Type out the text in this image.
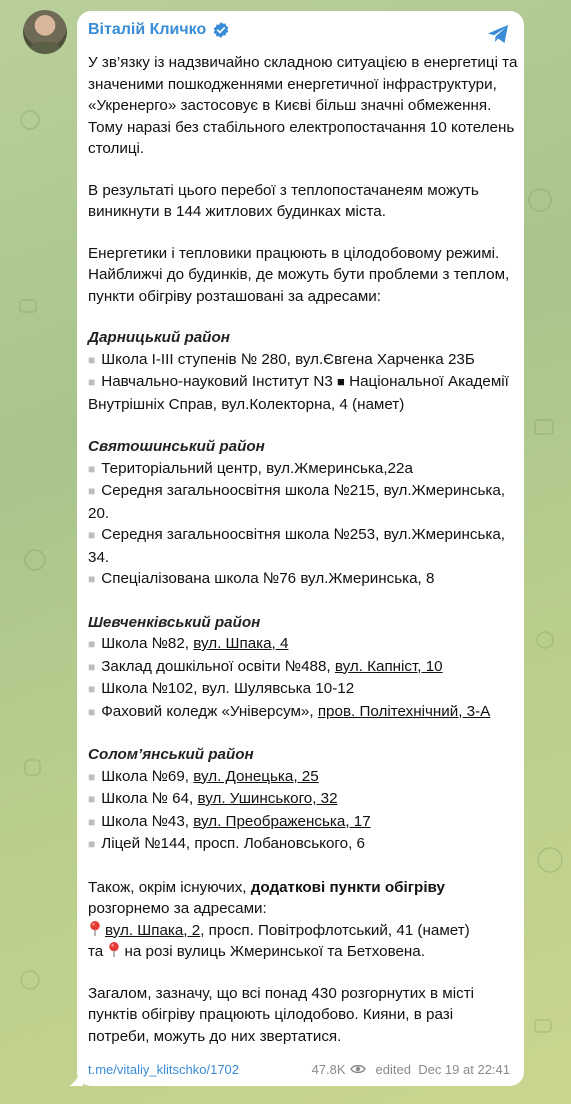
Віталій Кличко

У зв’язку із надзвичайно складною ситуацією в енергетиці та значеними пошкодженнями енергетичної інфраструктури, «Укренерго» застосовує в Києві більш значні обмеження. Тому наразі без стабільного електропостачання 10 котелень столиці.

В результаті цього перебої з теплопостачанеям можуть виникнути в 144 житлових будинках міста.

Енергетики і тепловики працюють в цілодобовому режимі. Найближчі до будинків, де можуть бути проблеми з теплом, пункти обігріву розташовані за адресами:

Дарницький район
■ Школа І-ІІІ ступенів № 280, вул.Євгена Харченка 23Б
■ Навчально-науковий Інститут N3 ■ Національної Академії Внутрішніх Справ, вул.Колекторна, 4 (намет)
Святошинський район
■ Територіальний центр, вул.Жмеринська,22а
■ Середня загальноосвітня школа №215, вул.Жмеринська, 20.
■ Середня загальноосвітня школа №253, вул.Жмеринська, 34.
■ Спеціалізована школа №76 вул.Жмеринська, 8
Шевченківський район
■ Школа №82, вул. Шпака, 4
■ Заклад дошкільної освіти №488, вул. Капніст, 10
■ Школа №102, вул. Шулявська 10-12
■ Фаховий коледж «Універсум», пров. Політехнічний, 3-А
Солом’янський район
■ Школа №69, вул. Донецька, 25
■ Школа № 64, вул. Ушинського, 32
■ Школа №43, вул. Преображенська, 17
■ Ліцей №144, просп. Лобановського, 6

Також, окрім існуючих, додаткові пункти обігріву розгорнемо за адресами:
вул. Шпака, 2, просп. Повітрофлотський, 41 (намет)
та на розі вулиць Жмеринської та Бетховена.

Загалом, зазначу, що всі понад 430 розгорнутих в місті пунктів обігріву працюють цілодобово. Кияни, в разі потреби, можуть до них звертатися.

t.me/vitaliy_klitschko/1702	47.8K edited
Dec 19 at 22:41
